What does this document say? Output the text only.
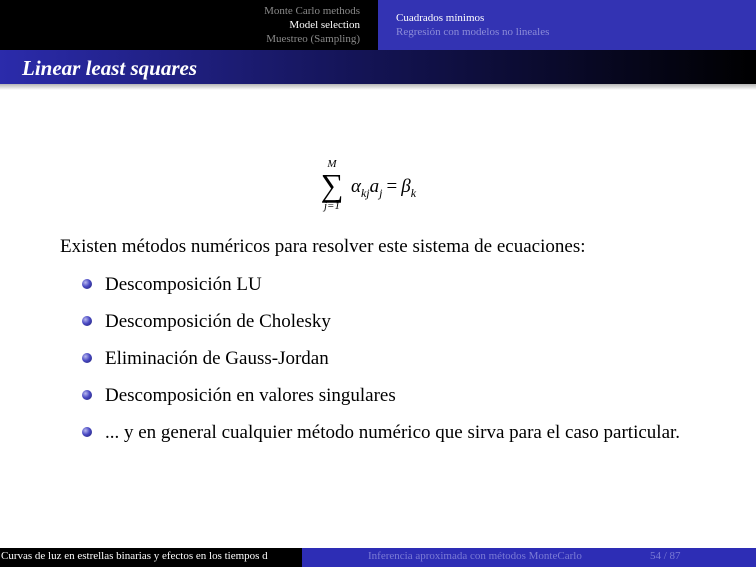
Monte Carlo methods
Model selection
Muestreo (Sampling)
Cuadrados mínimos
Regresión con modelos no lineales
Linear least squares
M
∑
j=1
$\alpha_{kj}a_j = \beta_k$
Existen métodos numéricos para resolver este sistema de ecuaciones:
Descomposición LU
Descomposición de Cholesky
Eliminación de Gauss-Jordan
Descomposición en valores singulares
... y en general cualquier método numérico que sirva para el caso particular.
Curvas de luz en estrellas binarias y efectos en los tiempos d	Inferencia aproximada con métodos MonteCarlo	54 / 87
